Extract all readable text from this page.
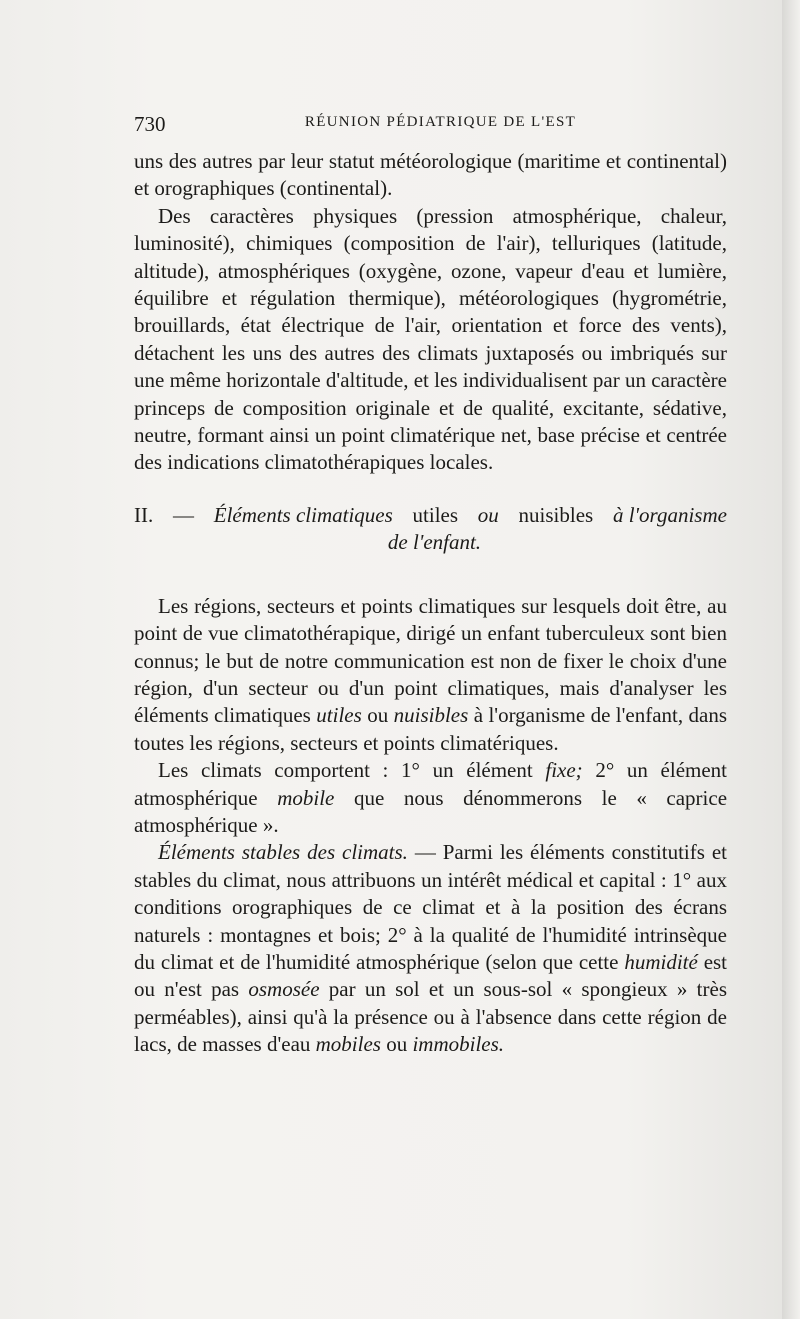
730	RÉUNION PÉDIATRIQUE DE L'EST

uns des autres par leur statut météorologique (maritime et continental) et orographiques (continental).

Des caractères physiques (pression atmosphérique, chaleur, luminosité), chimiques (composition de l'air), telluriques (latitude, altitude), atmosphériques (oxygène, ozone, vapeur d'eau et lumière, équilibre et régulation thermique), météorologiques (hygrométrie, brouillards, état électrique de l'air, orientation et force des vents), détachent les uns des autres des climats juxtaposés ou imbriqués sur une même horizontale d'altitude, et les individualisent par un caractère princeps de composition originale et de qualité, excitante, sédative, neutre, formant ainsi un point climatérique net, base précise et centrée des indications climatothérapiques locales.

II. — Éléments climatiques utiles ou nuisibles à l'organisme
de l'enfant.

Les régions, secteurs et points climatiques sur lesquels doit être, au point de vue climatothérapique, dirigé un enfant tuberculeux sont bien connus; le but de notre communication est non de fixer le choix d'une région, d'un secteur ou d'un point climatiques, mais d'analyser les éléments climatiques utiles ou nuisibles à l'organisme de l'enfant, dans toutes les régions, secteurs et points climatériques.

Les climats comportent : 1° un élément fixe; 2° un élément atmosphérique mobile que nous dénommerons le « caprice atmosphérique ».

Éléments stables des climats. — Parmi les éléments constitutifs et stables du climat, nous attribuons un intérêt médical et capital : 1° aux conditions orographiques de ce climat et à la position des écrans naturels : montagnes et bois; 2° à la qualité de l'humidité intrinsèque du climat et de l'humidité atmosphérique (selon que cette humidité est ou n'est pas osmosée par un sol et un sous-sol « spongieux » très perméables), ainsi qu'à la présence ou à l'absence dans cette région de lacs, de masses d'eau mobiles ou immobiles.
